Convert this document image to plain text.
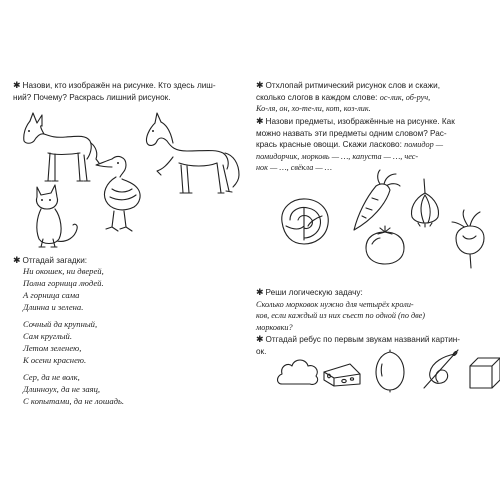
✱ Назови, кто изображён на рисунке. Кто здесь лиш-
ний? Почему? Раскрась лишний рисунок.
✱ Отгадай загадки:
Ни окошек, ни дверей,
Полна горница людей.
А горница сама
Длинна и зелена.
Сочный да крупный,
Сам круглый.
Летом зеленею,
К осени краснею.
Сер, да не волк,
Длинноух, да не заяц,
С копытами, да не лошадь.
✱ Отхлопай ритмический рисунок слов и скажи,
сколько слогов в каждом слове: ос-лик, об-руч,
Ко-ля, он, хо-те-ли, кот, коз-лик.
✱ Назови предметы, изображённые на рисунке. Как
можно назвать эти предметы одним словом? Рас-
крась красные овощи. Скажи ласково: помидор —
помидорчик, морковь — …, капуста — …, чес-
нок — …, свёкла — …
✱ Реши логическую задачу:
Сколько морковок нужно для четырёх кроли-
ков, если каждый из них съест по одной (по две)
морковки?
✱ Отгадай ребус по первым звукам названий картин-
ок.
